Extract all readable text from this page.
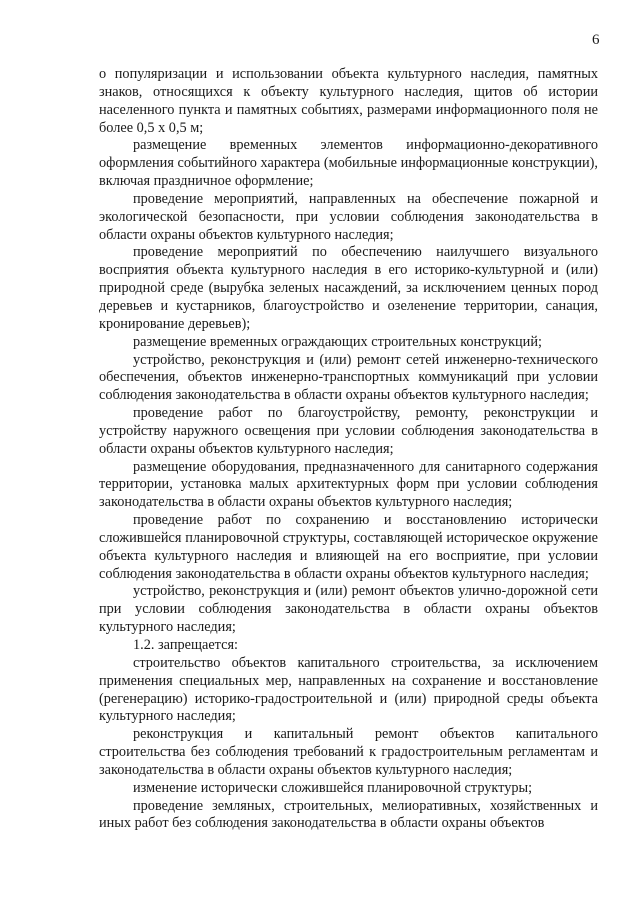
6

о популяризации и использовании объекта культурного наследия, памятных знаков, относящихся к объекту культурного наследия, щитов об истории населенного пункта и памятных событиях, размерами информационного поля не более 0,5 х 0,5 м;

размещение временных элементов информационно-декоративного оформления событийного характера (мобильные информационные конструкции), включая праздничное оформление;

проведение мероприятий, направленных на обеспечение пожарной и экологической безопасности, при условии соблюдения законодательства в области охраны объектов культурного наследия;

проведение мероприятий по обеспечению наилучшего визуального восприятия объекта культурного наследия в его историко-культурной и (или) природной среде (вырубка зеленых насаждений, за исключением ценных пород деревьев и кустарников, благоустройство и озеленение территории, санация, кронирование деревьев);

размещение временных ограждающих строительных конструкций;

устройство, реконструкция и (или) ремонт сетей инженерно-технического обеспечения, объектов инженерно-транспортных коммуникаций при условии соблюдения законодательства в области охраны объектов культурного наследия;

проведение работ по благоустройству, ремонту, реконструкции и устройству наружного освещения при условии соблюдения законодательства в области охраны объектов культурного наследия;

размещение оборудования, предназначенного для санитарного содержания территории, установка малых архитектурных форм при условии соблюдения законодательства в области охраны объектов культурного наследия;

проведение работ по сохранению и восстановлению исторически сложившейся планировочной структуры, составляющей историческое окружение объекта культурного наследия и влияющей на его восприятие, при условии соблюдения законодательства в области охраны объектов культурного наследия;

устройство, реконструкция и (или) ремонт объектов улично-дорожной сети при условии соблюдения законодательства в области охраны объектов культурного наследия;

1.2. запрещается:

строительство объектов капитального строительства, за исключением применения специальных мер, направленных на сохранение и восстановление (регенерацию) историко-градостроительной и (или) природной среды объекта культурного наследия;

реконструкция и капитальный ремонт объектов капитального строительства без соблюдения требований к градостроительным регламентам и законодательства в области охраны объектов культурного наследия;

изменение исторически сложившейся планировочной структуры;

проведение земляных, строительных, мелиоративных, хозяйственных и иных работ без соблюдения законодательства в области охраны объектов
